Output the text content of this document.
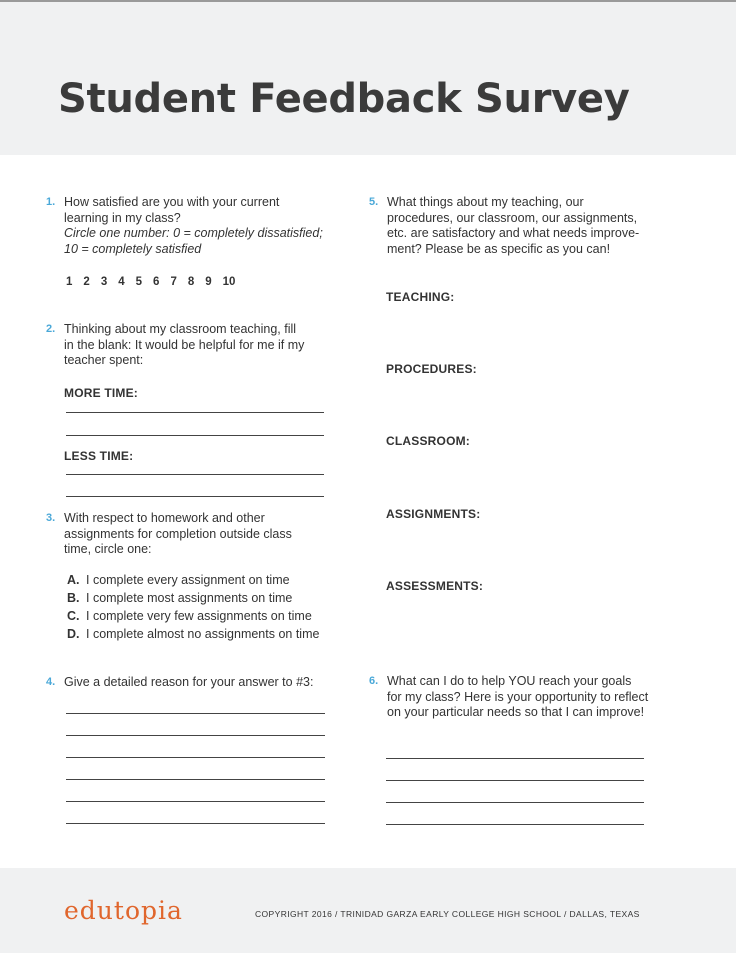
Student Feedback Survey
1. How satisfied are you with your current
learning in my class?
Circle one number: 0 = completely dissatisfied;
10 = completely satisfied
1 2 3 4 5 6 7 8 9 10
2. Thinking about my classroom teaching, fill
in the blank: It would be helpful for me if my
teacher spent:
MORE TIME:
LESS TIME:
3. With respect to homework and other
assignments for completion outside class
time, circle one:
A. I complete every assignment on time
B. I complete most assignments on time
C. I complete very few assignments on time
D. I complete almost no assignments on time
4. Give a detailed reason for your answer to #3:
5. What things about my teaching, our
procedures, our classroom, our assignments,
etc. are satisfactory and what needs improve-
ment? Please be as specific as you can!
TEACHING:
PROCEDURES:
CLASSROOM:
ASSIGNMENTS:
ASSESSMENTS:
6. What can I do to help YOU reach your goals
for my class? Here is your opportunity to reflect
on your particular needs so that I can improve!
edutopia	COPYRIGHT 2016 / TRINIDAD GARZA EARLY COLLEGE HIGH SCHOOL / DALLAS, TEXAS
